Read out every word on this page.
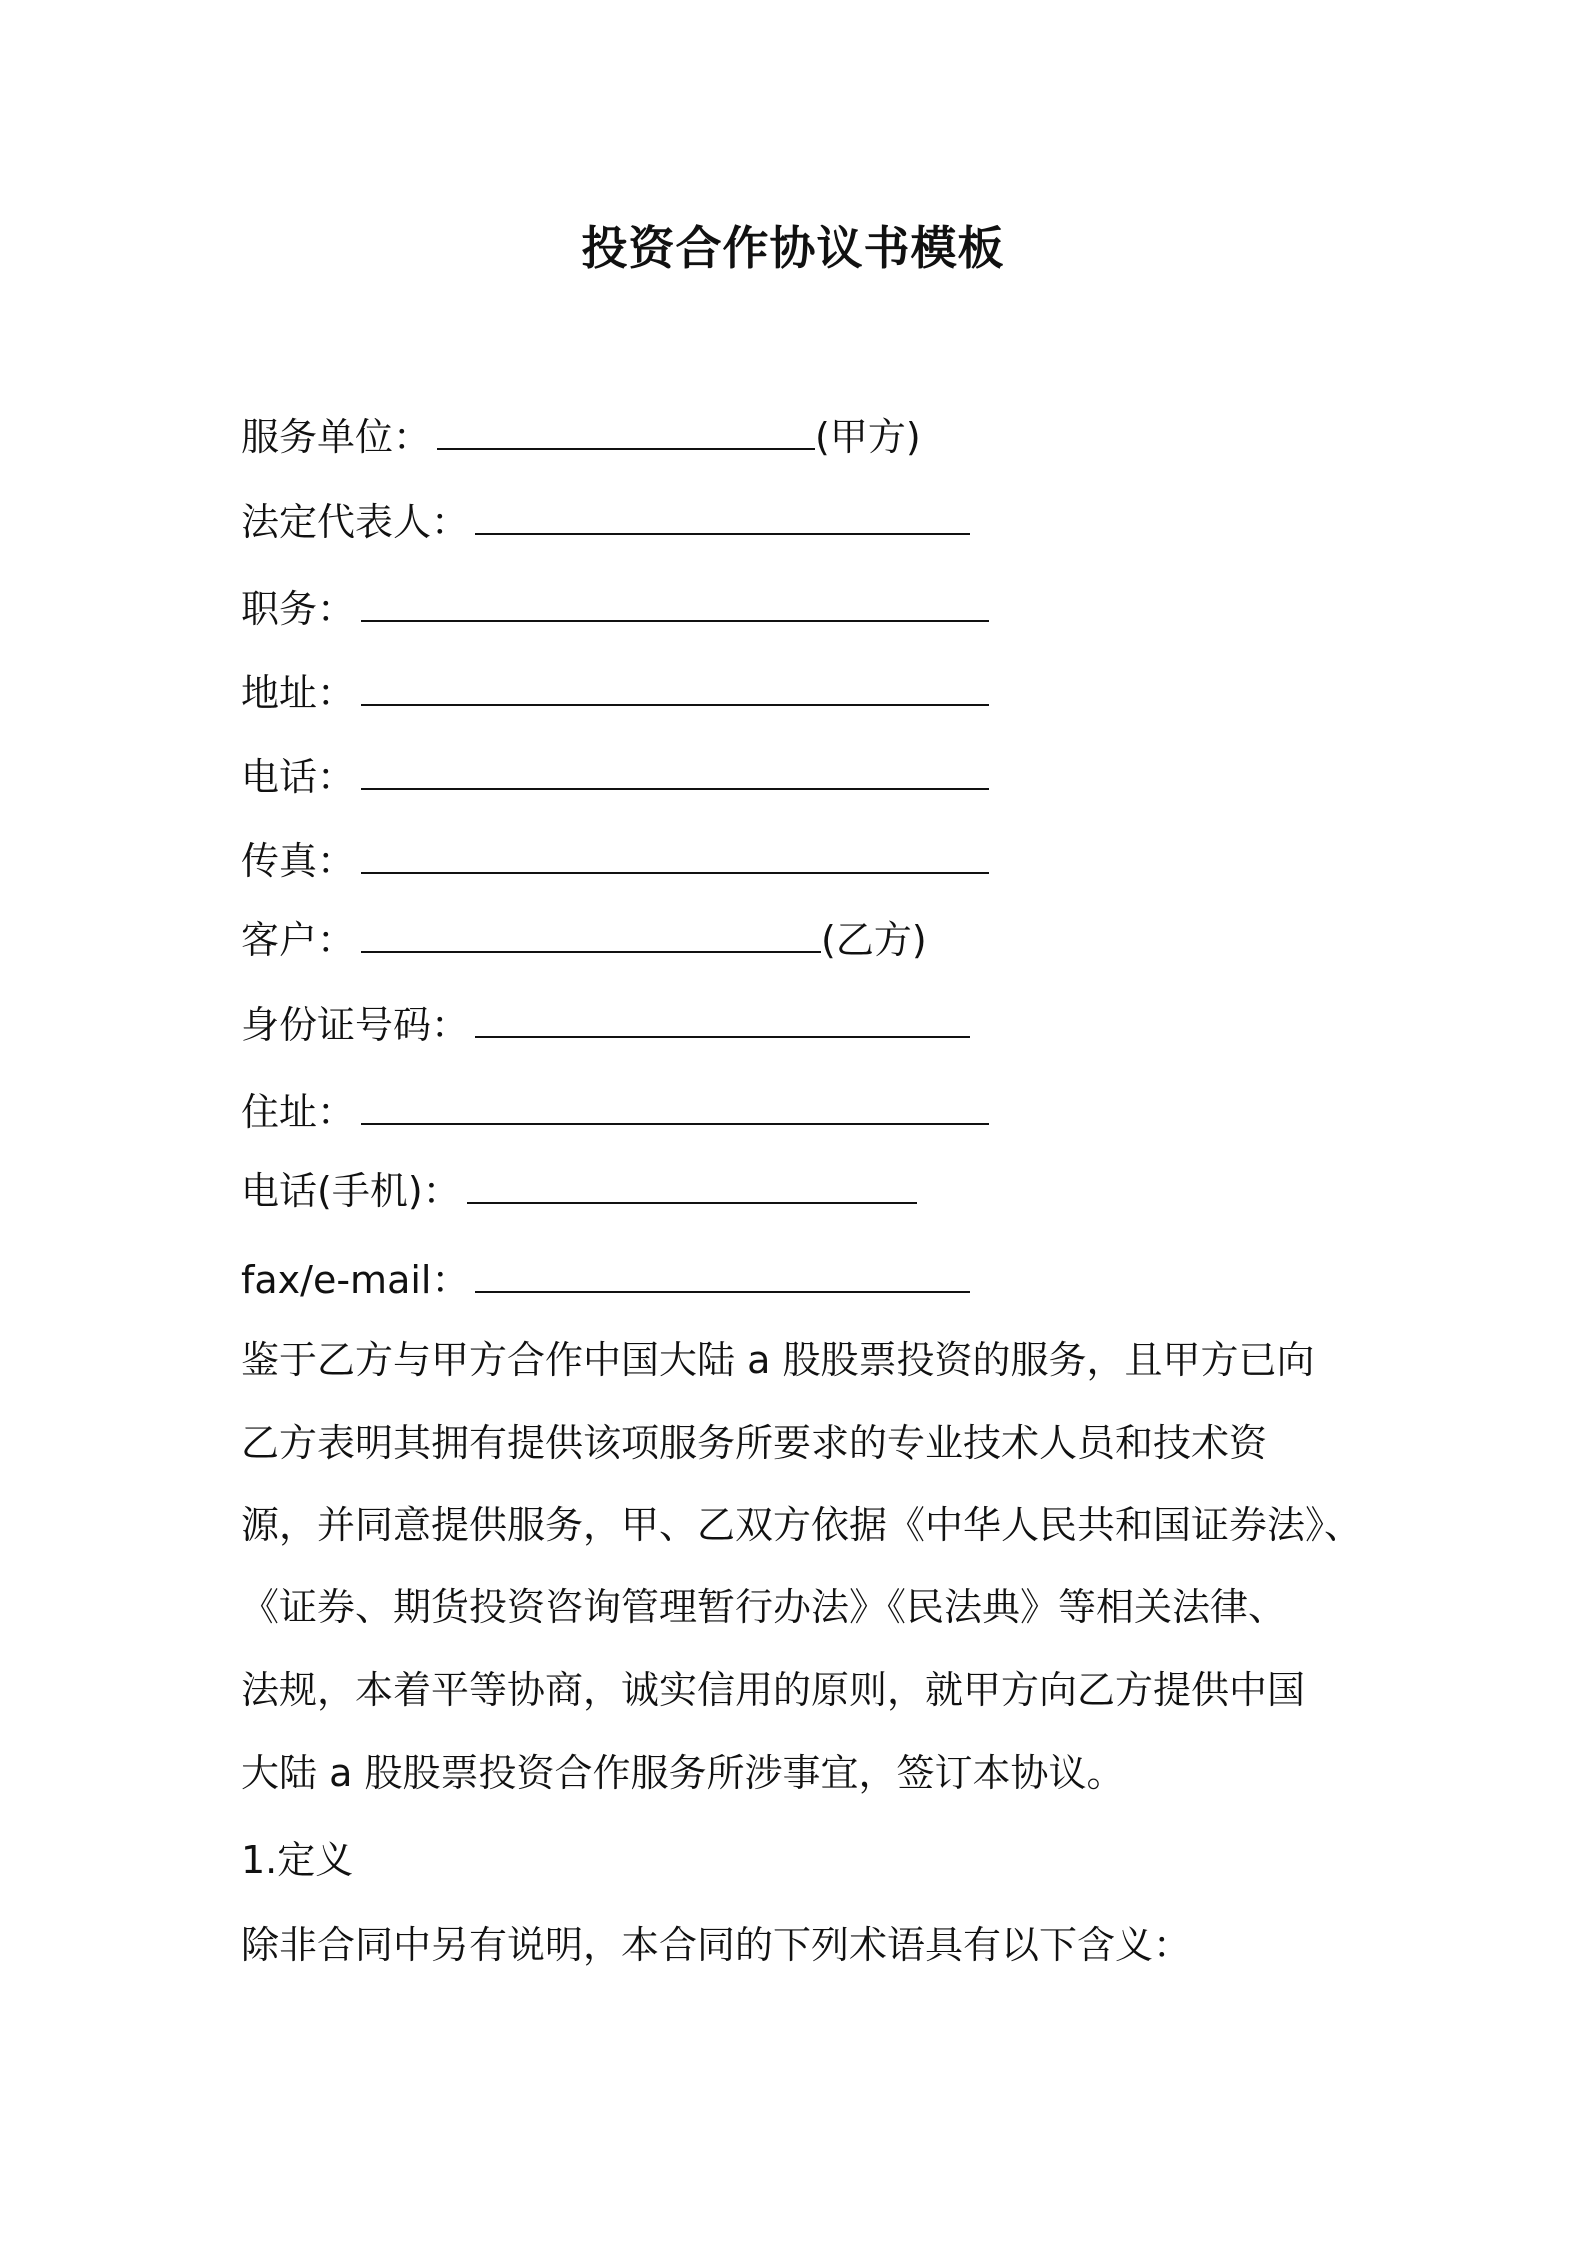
投资合作协议书模板
服务单位：	(甲方)
法定代表人：
职务：
地址：
电话：
传真：
客户：	(乙方)
身份证号码：
住址：
电话(手机)：
fax/e-mail：

鉴于乙方与甲方合作中国大陆 a 股股票投资的服务，且甲方已向

乙方表明其拥有提供该项服务所要求的专业技术人员和技术资

源，并同意提供服务，甲、乙双方依据《中华人民共和国证券法》、

《证券、期货投资咨询管理暂行办法》《民法典》等相关法律、

法规，本着平等协商，诚实信用的原则，就甲方向乙方提供中国

大陆 a 股股票投资合作服务所涉事宜，签订本协议。

1.定义

除非合同中另有说明，本合同的下列术语具有以下含义：
